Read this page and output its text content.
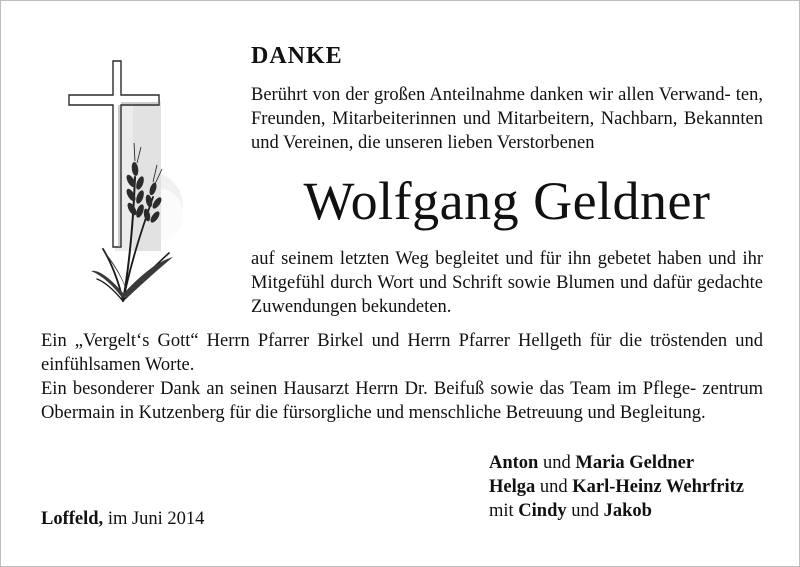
DANKE
Berührt von der großen Anteilnahme danken wir allen Verwand- ten, Freunden, Mitarbeiterinnen und Mitarbeitern, Nachbarn, Bekannten und Vereinen, die unseren lieben Verstorbenen
Wolfgang Geldner
auf seinem letzten Weg begleitet und für ihn gebetet haben und ihr Mitgefühl durch Wort und Schrift sowie Blumen und dafür gedachte Zuwendungen bekundeten.
Ein „Vergelt‘s Gott“ Herrn Pfarrer Birkel und Herrn Pfarrer Hellgeth für die tröstenden und einfühlsamen Worte.
Ein besonderer Dank an seinen Hausarzt Herrn Dr. Beifuß sowie das Team im Pflege- zentrum Obermain in Kutzenberg für die fürsorgliche und menschliche Betreuung und Begleitung.
Anton und Maria Geldner
Helga und Karl-Heinz Wehrfritz
mit Cindy und Jakob
Loffeld, im Juni 2014
